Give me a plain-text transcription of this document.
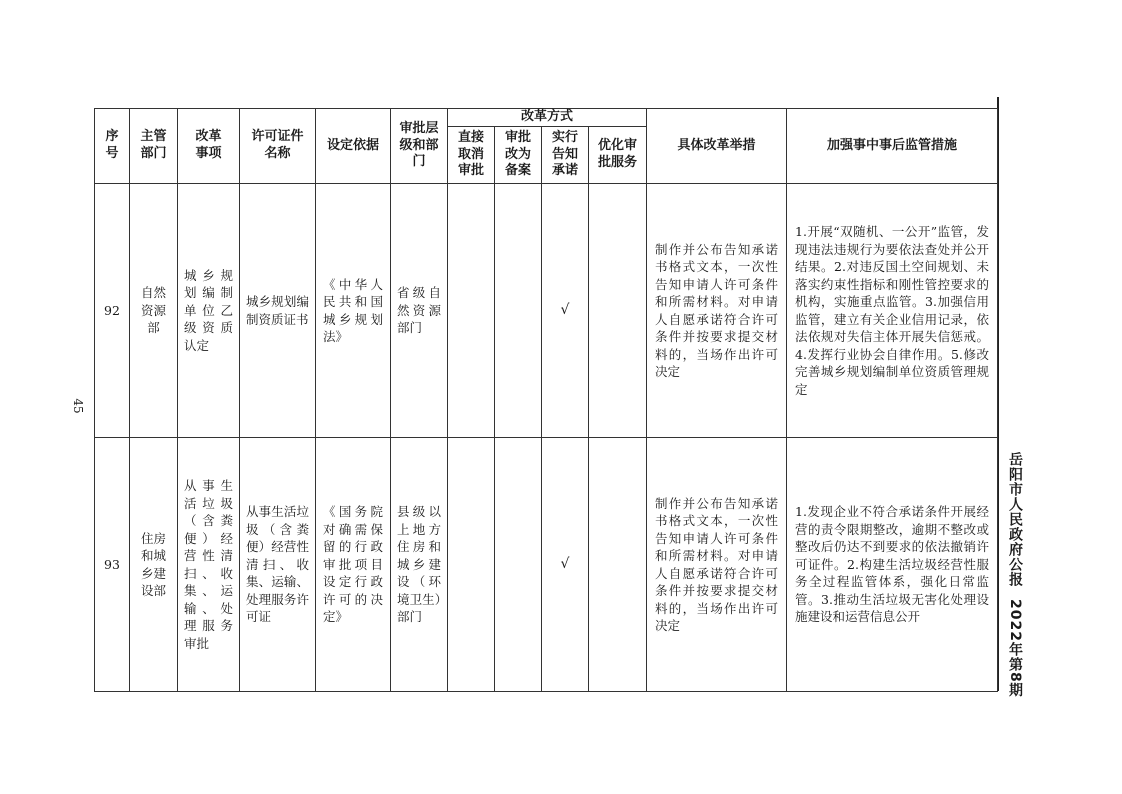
45
岳阳市人民政府公报2022年第8期
序号	主管部门	改革事项	许可证件名称	设定依据	审批层级和部门	改革方式				具体改革举措	加强事中事后监管措施
						直接取消审批	审批改为备案	实行告知承诺	优化审批服务		
92	自然资源部	城乡规划编制单位乙级资质认定	城乡规划编制资质证书	《中华人民共和国城乡规划法》	省级自然资源部门			√		制作并公布告知承诺书格式文本，一次性告知申请人许可条件和所需材料。对申请人自愿承诺符合许可条件并按要求提交材料的，当场作出许可决定	1.开展“双随机、一公开”监管，发现违法违规行为要依法查处并公开结果。2.对违反国土空间规划、未落实约束性指标和刚性管控要求的机构，实施重点监管。3.加强信用监管，建立有关企业信用记录，依法依规对失信主体开展失信惩戒。4.发挥行业协会自律作用。5.修改完善城乡规划编制单位资质管理规定
93	住房和城乡建设部	从事生活垃圾（含粪便）经营性清扫、收集、运输、处理服务审批	从事生活垃圾（含粪便）经营性清扫、收集、运输、处理服务许可证	《国务院对确需保留的行政审批项目设定行政许可的决定》	县级以上地方住房和城乡建设（环境卫生）部门			√		制作并公布告知承诺书格式文本，一次性告知申请人许可条件和所需材料。对申请人自愿承诺符合许可条件并按要求提交材料的，当场作出许可决定	1.发现企业不符合承诺条件开展经营的责令限期整改，逾期不整改或整改后仍达不到要求的依法撤销许可证件。2.构建生活垃圾经营性服务全过程监管体系，强化日常监管。3.推动生活垃圾无害化处理设施建设和运营信息公开
